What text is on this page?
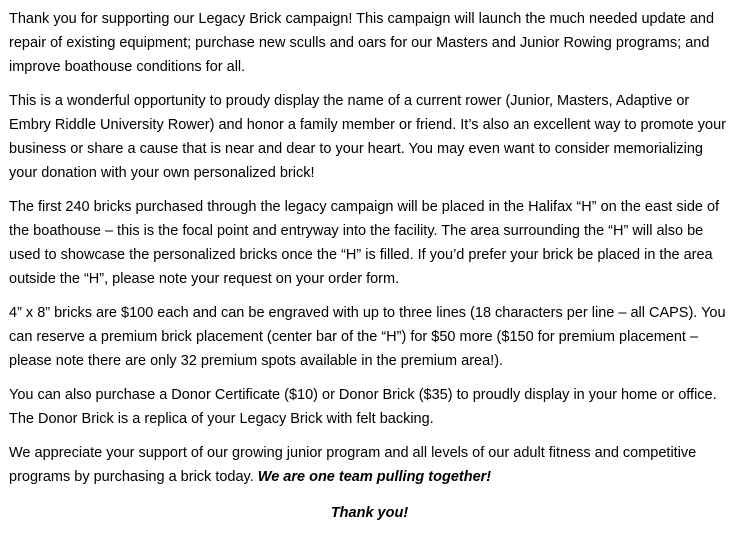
Thank you for supporting our Legacy Brick campaign! This campaign will launch the much needed update and repair of existing equipment; purchase new sculls and oars for our Masters and Junior Rowing programs; and improve boathouse conditions for all.

This is a wonderful opportunity to proudy display the name of a current rower (Junior, Masters, Adaptive or Embry Riddle University Rower) and honor a family member or friend. It’s also an excellent way to promote your business or share a cause that is near and dear to your heart. You may even want to consider memorializing your donation with your own personalized brick!

The first 240 bricks purchased through the legacy campaign will be placed in the Halifax “H” on the east side of the boathouse – this is the focal point and entryway into the facility. The area surrounding the “H” will also be used to showcase the personalized bricks once the “H” is filled. If you’d prefer your brick be placed in the area outside the “H”, please note your request on your order form.

4” x 8” bricks are $100 each and can be engraved with up to three lines (18 characters per line – all CAPS). You can reserve a premium brick placement (center bar of the “H”) for $50 more ($150 for premium placement – please note there are only 32 premium spots available in the premium area!).

You can also purchase a Donor Certificate ($10) or Donor Brick ($35) to proudly display in your home or office. The Donor Brick is a replica of your Legacy Brick with felt backing.

We appreciate your support of our growing junior program and all levels of our adult fitness and competitive programs by purchasing a brick today. We are one team pulling together!

Thank you!
